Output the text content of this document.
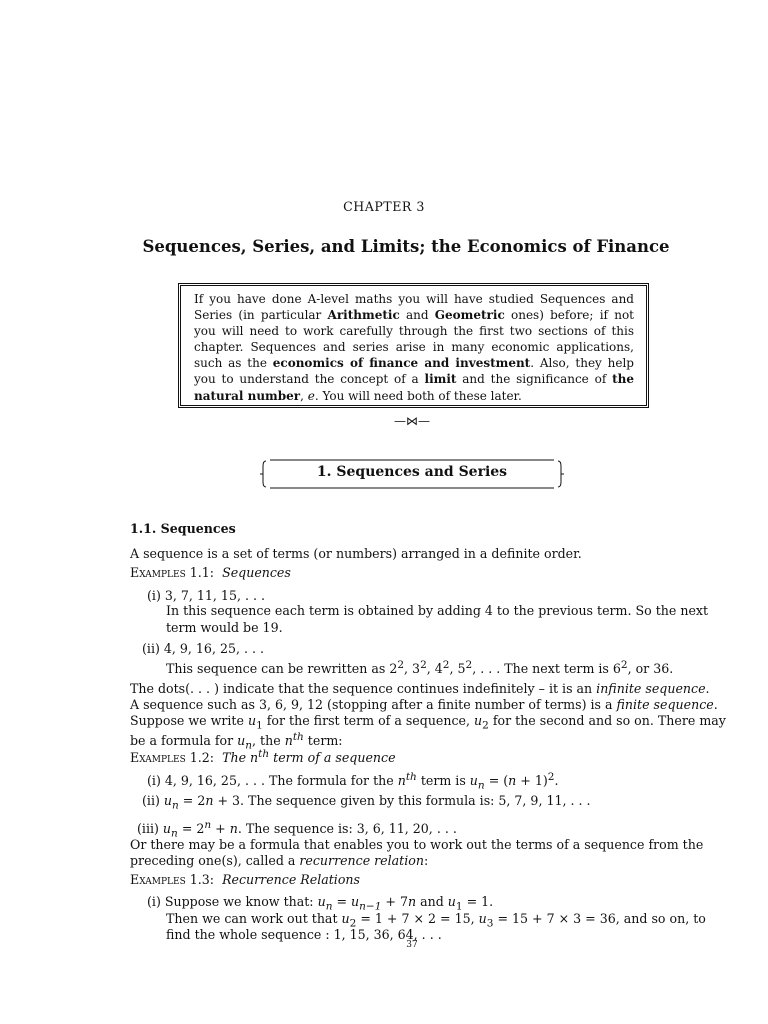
CHAPTER 3
Sequences, Series, and Limits; the Economics of Finance

If you have done A-level maths you will have studied Sequences and Series (in particular Arithmetic and Geometric ones) before; if not you will need to work carefully through the first two sections of this chapter. Sequences and series arise in many economic applications, such as the economics of finance and investment. Also, they help you to understand the concept of a limit and the significance of the natural number, e. You will need both of these later.

—⋈—
1. Sequences and Series
1.1. Sequences
A sequence is a set of terms (or numbers) arranged in a definite order.
Examples 1.1: Sequences
(i) 3, 7, 11, 15, . . .
In this sequence each term is obtained by adding 4 to the previous term. So the next
term would be 19.
(ii) 4, 9, 16, 25, . . .
This sequence can be rewritten as $2^2$, $3^2$, $4^2$, $5^2$, . . . The next term is $6^2$, or 36.
The dots(. . . ) indicate that the sequence continues indefinitely – it is an infinite sequence.
A sequence such as 3, 6, 9, 12 (stopping after a finite number of terms) is a finite sequence.
Suppose we write $u_1$ for the first term of a sequence, $u_2$ for the second and so on. There may
be a formula for $u_n$, the $n^{th}$ term:
Examples 1.2: The $n^{th}$ term of a sequence
(i) 4, 9, 16, 25, . . . The formula for the $n^{th}$ term is $u_n = (n + 1)^2$.
(ii) $u_n = 2n + 3$. The sequence given by this formula is: 5, 7, 9, 11, . . .
(iii) $u_n = 2^n + n$. The sequence is: 3, 6, 11, 20, . . .
Or there may be a formula that enables you to work out the terms of a sequence from the
preceding one(s), called a recurrence relation:
Examples 1.3: Recurrence Relations
(i) Suppose we know that: $u_n = u_{n-1} + 7n$ and $u_1 = 1$.
Then we can work out that $u_2 = 1 + 7 \times 2 = 15$, $u_3 = 15 + 7 \times 3 = 36$, and so on, to
find the whole sequence : 1, 15, 36, 64, . . .
37
